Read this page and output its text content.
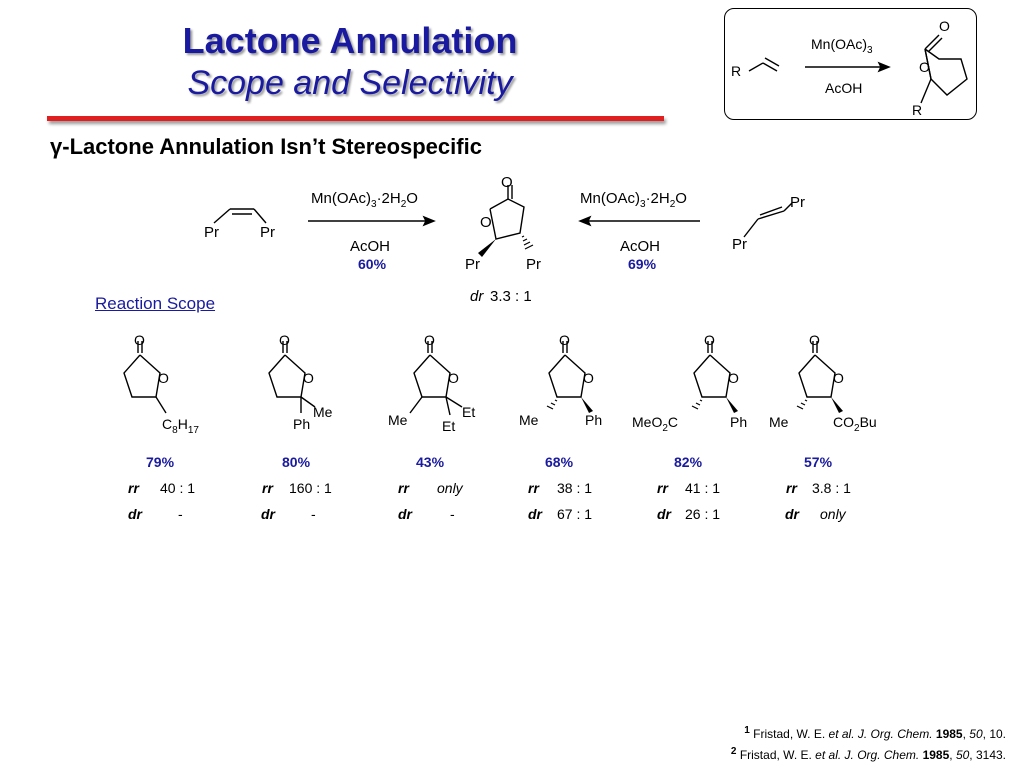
Lactone Annulation
Scope and Selectivity	R
$Mn(OAc)_3$
AcOH
O
O
R
γ-Lactone Annulation Isn’t Stereospecific
Pr	Pr
$Mn(OAc)_3\cdot 2H_2O$
AcOH
60%
O
O
Pr	Pr
dr 3.3 : 1
$Mn(OAc)_3\cdot 2H_2O$
AcOH
69%
Pr
Pr
Reaction Scope
O
O
$C_8H_{17}$
O
O
Me
Ph
O
O
Me	Et
Et
O
O
Me	Ph
O
O
MeO$_2$C	Ph
O
O
Me	$CO_2Bu$
79%
rr 40 : 1
dr	-
80%
rr 160 : 1
dr	-
43%
rr only
dr	-
68%
rr 38 : 1
dr 67 : 1
82%
rr 41 : 1
dr 26 : 1
57%
rr 3.8 : 1
dr only
$^1$ Fristad, W. E. et al. J. Org. Chem. 1985, 50, 10.
$^2$ Fristad, W. E. et al. J. Org. Chem. 1985, 50, 3143.
